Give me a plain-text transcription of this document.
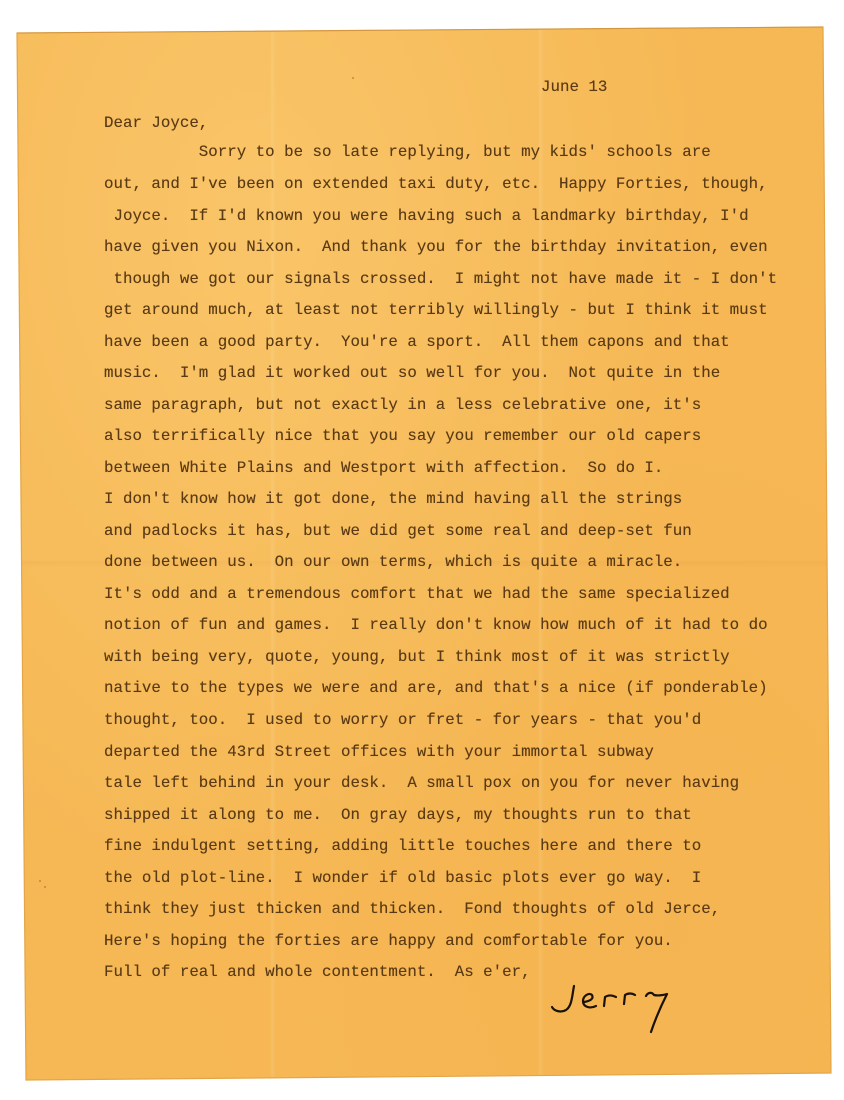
June 13
Dear Joyce,
Sorry to be so late replying, but my kids' schools are
out, and I've been on extended taxi duty, etc.  Happy Forties, though,
Joyce.  If I'd known you were having such a landmarky birthday, I'd
have given you Nixon.  And thank you for the birthday invitation, even
though we got our signals crossed.  I might not have made it - I don't
get around much, at least not terribly willingly - but I think it must
have been a good party.  You're a sport.  All them capons and that
music.  I'm glad it worked out so well for you.  Not quite in the
same paragraph, but not exactly in a less celebrative one, it's
also terrifically nice that you say you remember our old capers
between White Plains and Westport with affection.  So do I.
I don't know how it got done, the mind having all the strings
and padlocks it has, but we did get some real and deep-set fun
done between us.  On our own terms, which is quite a miracle.
It's odd and a tremendous comfort that we had the same specialized
notion of fun and games.  I really don't know how much of it had to do
with being very, quote, young, but I think most of it was strictly
native to the types we were and are, and that's a nice (if ponderable)
thought, too.  I used to worry or fret - for years - that you'd
departed the 43rd Street offices with your immortal subway
tale left behind in your desk.  A small pox on you for never having
shipped it along to me.  On gray days, my thoughts run to that
fine indulgent setting, adding little touches here and there to
the old plot-line.  I wonder if old basic plots ever go way.  I
think they just thicken and thicken.  Fond thoughts of old Jerce,
Here's hoping the forties are happy and comfortable for you.
Full of real and whole contentment.  As e'er,
